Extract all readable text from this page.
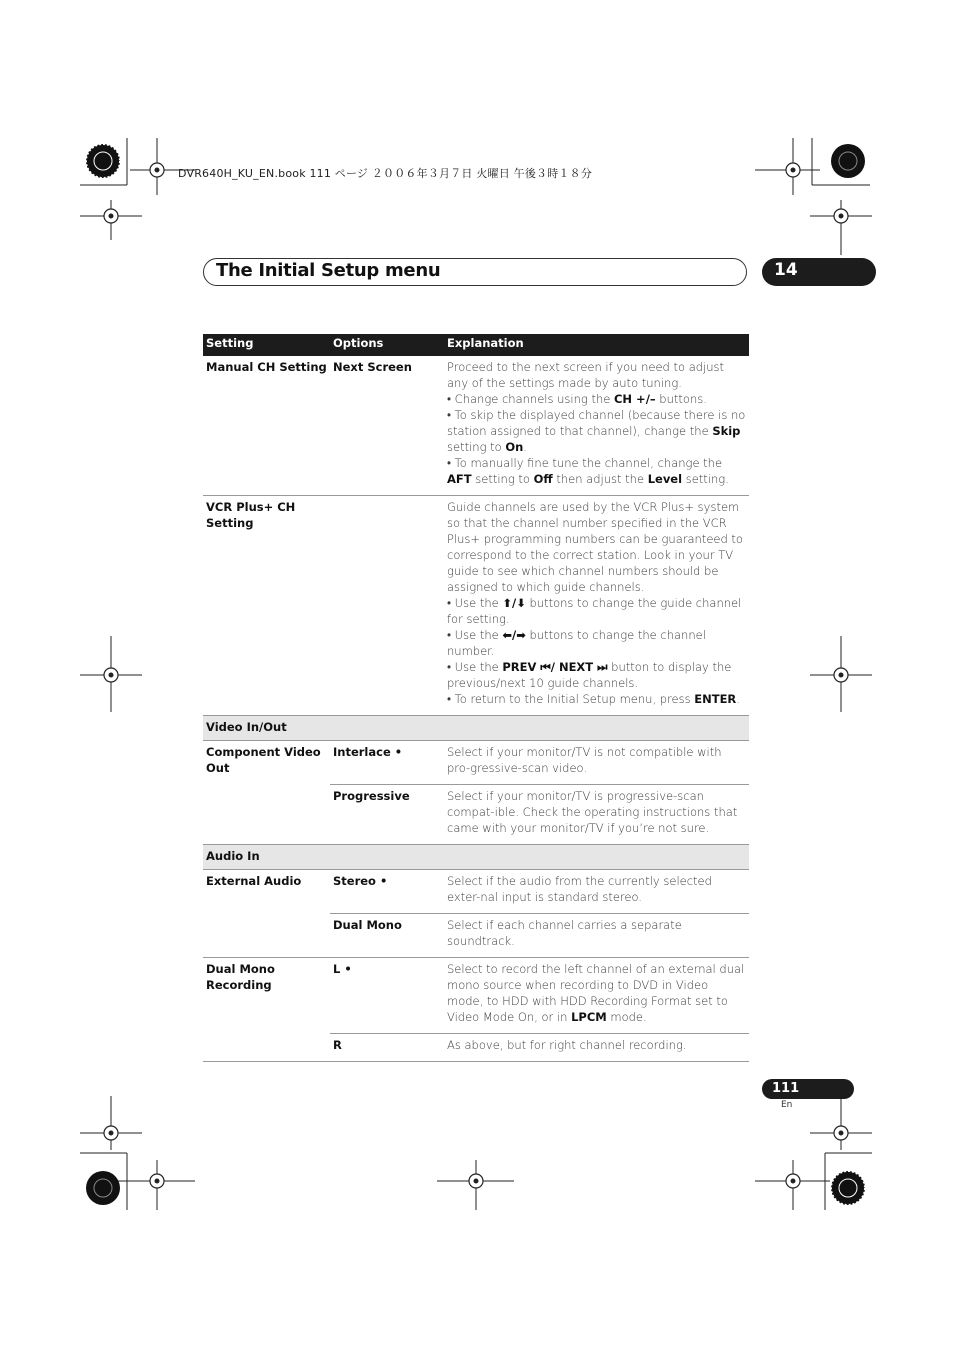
DVR640H_KU_EN.book 111 ページ ２００６年３月７日 火曜日 午後３時１８分
The Initial Setup menu	14
Setting	Options	Explanation
Manual CH Setting	Next Screen	Proceed to the next screen if you need to adjust any of the settings made by auto tuning.

• Change channels using the CH +/– buttons.

• To skip the displayed channel (because there is no station assigned to that channel), change the Skip setting to On.

• To manually fine tune the channel, change the AFT setting to Off then adjust the Level setting.

VCR Plus+ CH Setting		Guide channels are used by the VCR Plus+ system so that the channel number specified in the VCR Plus+ programming numbers can be guaranteed to correspond to the correct station. Look in your TV guide to see which channel numbers should be assigned to which guide channels.

• Use the ⬆/⬇ buttons to change the guide channel for setting.

• Use the ⬅/➡ buttons to change the channel number.

• Use the PREV ⏮/ NEXT ⏭ button to display the previous/next 10 guide channels.

• To return to the Initial Setup menu, press ENTER.

Video In/Out		
Component Video Out	Interlace •	Select if your monitor/TV is not compatible with pro-gressive-scan video.
	Progressive	Select if your monitor/TV is progressive-scan compat-ible. Check the operating instructions that came with your monitor/TV if you’re not sure.
Audio In		
External Audio	Stereo •	Select if the audio from the currently selected exter-nal input is standard stereo.
	Dual Mono	Select if each channel carries a separate soundtrack.
Dual Mono Recording	L •	Select to record the left channel of an external dual mono source when recording to DVD in Video mode, to HDD with HDD Recording Format set to Video Mode On, or in LPCM mode.
	R	As above, but for right channel recording.
111
En
